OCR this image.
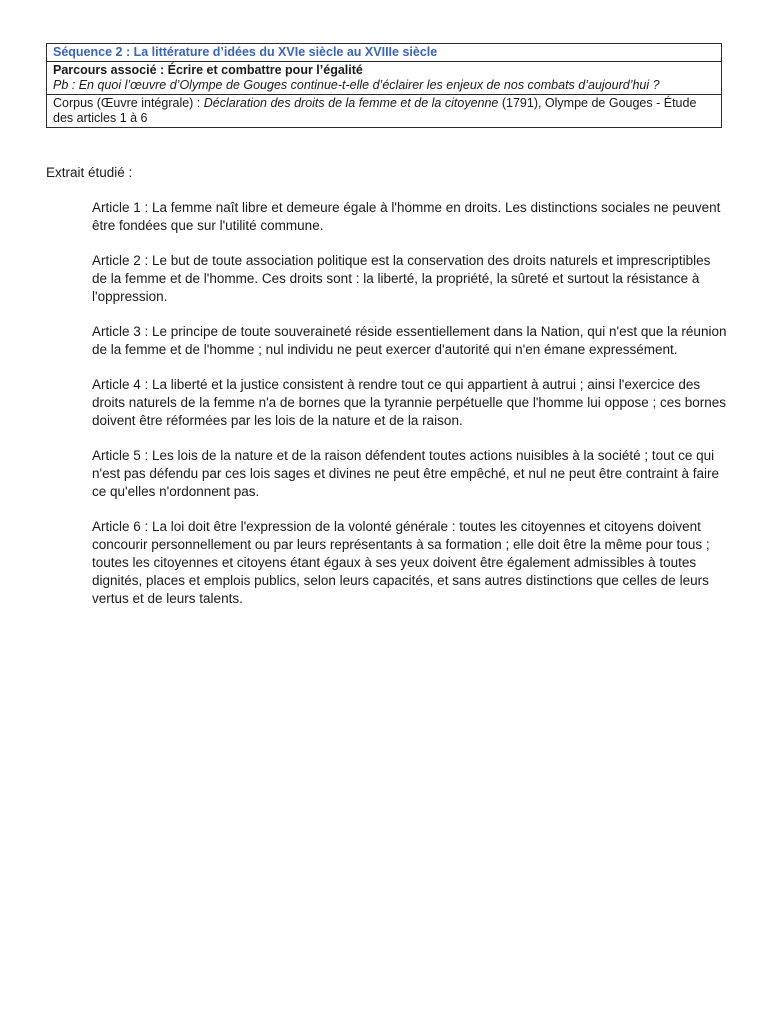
Séquence 2 : La littérature d’idées du XVIe siècle au XVIIIe siècle
Parcours associé : Écrire et combattre pour l’égalité
Pb : En quoi l’œuvre d’Olympe de Gouges continue-t-elle d’éclairer les enjeux de nos combats d’aujourd’hui ?

Corpus (Œuvre intégrale) : Déclaration des droits de la femme et de la citoyenne (1791), Olympe de Gouges - Étude des articles 1 à 6
Extrait étudié :

Article 1 : La femme naît libre et demeure égale à l'homme en droits. Les distinctions sociales ne peuvent être fondées que sur l'utilité commune.

Article 2 : Le but de toute association politique est la conservation des droits naturels et imprescriptibles de la femme et de l'homme. Ces droits sont : la liberté, la propriété, la sûreté et surtout la résistance à l'oppression.

Article 3 : Le principe de toute souveraineté réside essentiellement dans la Nation, qui n'est que la réunion de la femme et de l'homme ; nul individu ne peut exercer d'autorité qui n'en émane expressément.

Article 4 : La liberté et la justice consistent à rendre tout ce qui appartient à autrui ; ainsi l'exercice des droits naturels de la femme n'a de bornes que la tyrannie perpétuelle que l'homme lui oppose ; ces bornes doivent être réformées par les lois de la nature et de la raison.

Article 5 : Les lois de la nature et de la raison défendent toutes actions nuisibles à la société ; tout ce qui n'est pas défendu par ces lois sages et divines ne peut être empêché, et nul ne peut être contraint à faire ce qu'elles n'ordonnent pas.

Article 6 : La loi doit être l'expression de la volonté générale : toutes les citoyennes et citoyens doivent concourir personnellement ou par leurs représentants à sa formation ; elle doit être la même pour tous ; toutes les citoyennes et citoyens étant égaux à ses yeux doivent être également admissibles à toutes dignités, places et emplois publics, selon leurs capacités, et sans autres distinctions que celles de leurs vertus et de leurs talents.
